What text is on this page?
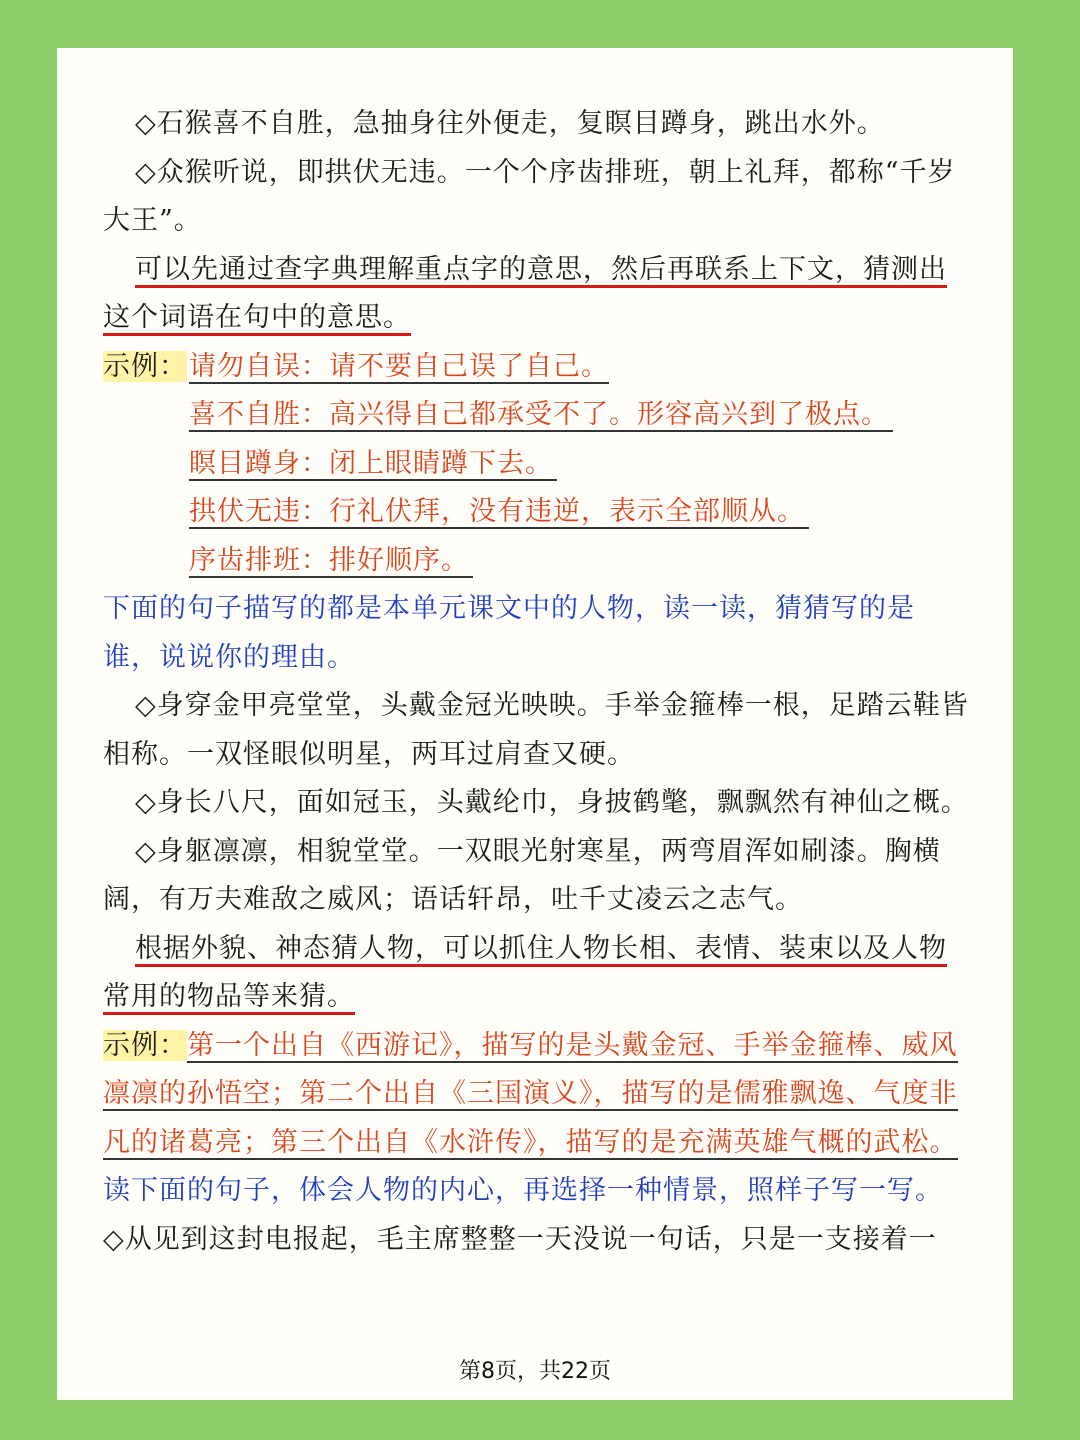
◇石猴喜不自胜，急抽身往外便走，复瞑目蹲身，跳出水外。

◇众猴听说，即拱伏无违。一个个序齿排班，朝上礼拜，都称“千岁大王”。

可以先通过查字典理解重点字的意思，然后再联系上下文，猜测出这个词语在句中的意思。

示例：请勿自误：请不要自己误了自己。

喜不自胜：高兴得自己都承受不了。形容高兴到了极点。

瞑目蹲身：闭上眼睛蹲下去。

拱伏无违：行礼伏拜，没有违逆，表示全部顺从。

序齿排班：排好顺序。

下面的句子描写的都是本单元课文中的人物，读一读，猜猜写的是谁，说说你的理由。

◇身穿金甲亮堂堂，头戴金冠光映映。手举金箍棒一根，足踏云鞋皆相称。一双怪眼似明星，两耳过肩查又硬。

◇身长八尺，面如冠玉，头戴纶巾，身披鹤氅，飘飘然有神仙之概。

◇身躯凛凛，相貌堂堂。一双眼光射寒星，两弯眉浑如刷漆。胸横阔，有万夫难敌之威风；语话轩昂，吐千丈凌云之志气。

根据外貌、神态猜人物，可以抓住人物长相、表情、装束以及人物常用的物品等来猜。

示例：第一个出自《西游记》，描写的是头戴金冠、手举金箍棒、威风凛凛的孙悟空；第二个出自《三国演义》，描写的是儒雅飘逸、气度非凡的诸葛亮；第三个出自《水浒传》，描写的是充满英雄气概的武松。

读下面的句子，体会人物的内心，再选择一种情景，照样子写一写。

◇从见到这封电报起，毛主席整整一天没说一句话，只是一支接着一

第8页，共22页
